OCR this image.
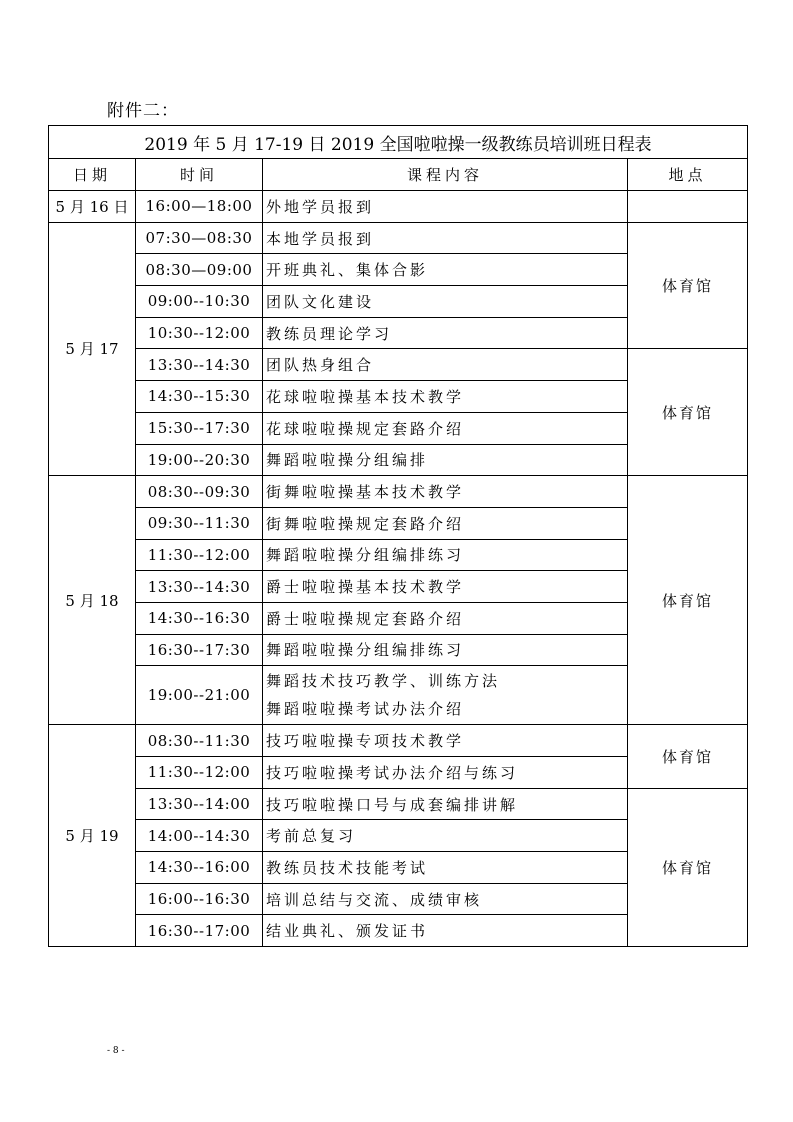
附件二：
2019 年 5 月 17-19 日 2019 全国啦啦操一级教练员培训班日程表			
日期	时间	课程内容	地点
5 月 16 日	16:00—18:00	外地学员报到	
5 月 17	07:30—08:30	本地学员报到	体育馆
	08:30—09:00	开班典礼、集体合影	
	09:00--10:30	团队文化建设	
	10:30--12:00	教练员理论学习	
	13:30--14:30	团队热身组合	体育馆
	14:30--15:30	花球啦啦操基本技术教学	
	15:30--17:30	花球啦啦操规定套路介绍	
	19:00--20:30	舞蹈啦啦操分组编排	
5 月 18	08:30--09:30	街舞啦啦操基本技术教学	体育馆
	09:30--11:30	街舞啦啦操规定套路介绍	
	11:30--12:00	舞蹈啦啦操分组编排练习	
	13:30--14:30	爵士啦啦操基本技术教学	
	14:30--16:30	爵士啦啦操规定套路介绍	
	16:30--17:30	舞蹈啦啦操分组编排练习	
	19:00--21:00	舞蹈技术技巧教学、训练方法
舞蹈啦啦操考试办法介绍	

5 月 19	08:30--11:30	技巧啦啦操专项技术教学	体育馆
	11:30--12:00	技巧啦啦操考试办法介绍与练习	
	13:30--14:00	技巧啦啦操口号与成套编排讲解	体育馆
	14:00--14:30	考前总复习	
	14:30--16:00	教练员技术技能考试	
	16:00--16:30	培训总结与交流、成绩审核	
	16:30--17:00	结业典礼、颁发证书	
- 8 -
